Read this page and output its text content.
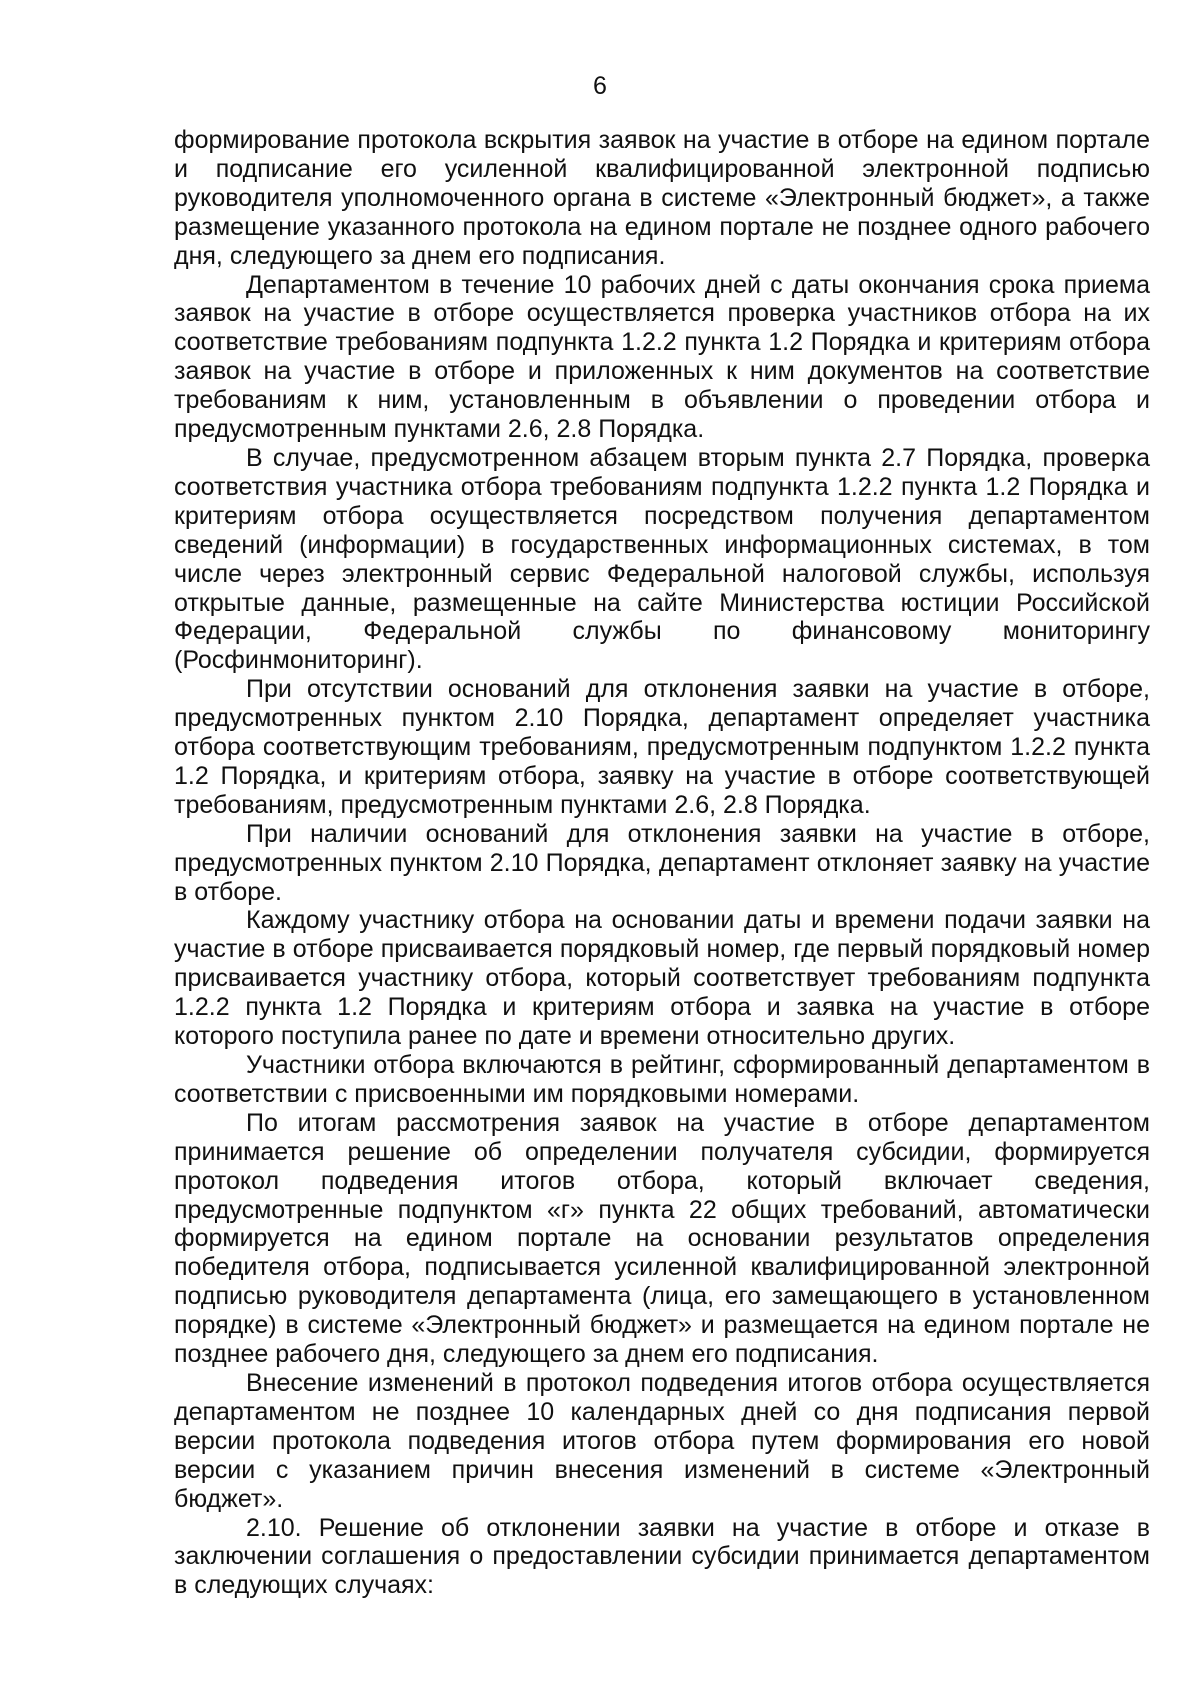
6

формирование протокола вскрытия заявок на участие в отборе на едином портале и подписание его усиленной квалифицированной электронной подписью руководителя уполномоченного органа в системе «Электронный бюджет», а также размещение указанного протокола на едином портале не позднее одного рабочего дня, следующего за днем его подписания.

Департаментом в течение 10 рабочих дней с даты окончания срока приема заявок на участие в отборе осуществляется проверка участников отбора на их соответствие требованиям подпункта 1.2.2 пункта 1.2 Порядка и критериям отбора заявок на участие в отборе и приложенных к ним документов на соответствие требованиям к ним, установленным в объявлении о проведении отбора и предусмотренным пунктами 2.6, 2.8 Порядка.

В случае, предусмотренном абзацем вторым пункта 2.7 Порядка, проверка соответствия участника отбора требованиям подпункта 1.2.2 пункта 1.2 Порядка и критериям отбора осуществляется посредством получения департаментом сведений (информации) в государственных информационных системах, в том числе через электронный сервис Федеральной налоговой службы, используя открытые данные, размещенные на сайте Министерства юстиции Российской Федерации, Федеральной службы по финансовому мониторингу (Росфинмониторинг).

При отсутствии оснований для отклонения заявки на участие в отборе, предусмотренных пунктом 2.10 Порядка, департамент определяет участника отбора соответствующим требованиям, предусмотренным подпунктом 1.2.2 пункта 1.2 Порядка, и критериям отбора, заявку на участие в отборе соответствующей требованиям, предусмотренным пунктами 2.6, 2.8 Порядка.

При наличии оснований для отклонения заявки на участие в отборе, предусмотренных пунктом 2.10 Порядка, департамент отклоняет заявку на участие в отборе.

Каждому участнику отбора на основании даты и времени подачи заявки на участие в отборе присваивается порядковый номер, где первый порядковый номер присваивается участнику отбора, который соответствует требованиям подпункта 1.2.2 пункта 1.2 Порядка и критериям отбора и заявка на участие в отборе которого поступила ранее по дате и времени относительно других.

Участники отбора включаются в рейтинг, сформированный департаментом в соответствии с присвоенными им порядковыми номерами.

По итогам рассмотрения заявок на участие в отборе департаментом принимается решение об определении получателя субсидии, формируется протокол подведения итогов отбора, который включает сведения, предусмотренные подпунктом «г» пункта 22 общих требований, автоматически формируется на едином портале на основании результатов определения победителя отбора, подписывается усиленной квалифицированной электронной подписью руководителя департамента (лица, его замещающего в установленном порядке) в системе «Электронный бюджет» и размещается на едином портале не позднее рабочего дня, следующего за днем его подписания.

Внесение изменений в протокол подведения итогов отбора осуществляется департаментом не позднее 10 календарных дней со дня подписания первой версии протокола подведения итогов отбора путем формирования его новой версии с указанием причин внесения изменений в системе «Электронный бюджет».

2.10. Решение об отклонении заявки на участие в отборе и отказе в заключении соглашения о предоставлении субсидии принимается департаментом в следующих случаях:
